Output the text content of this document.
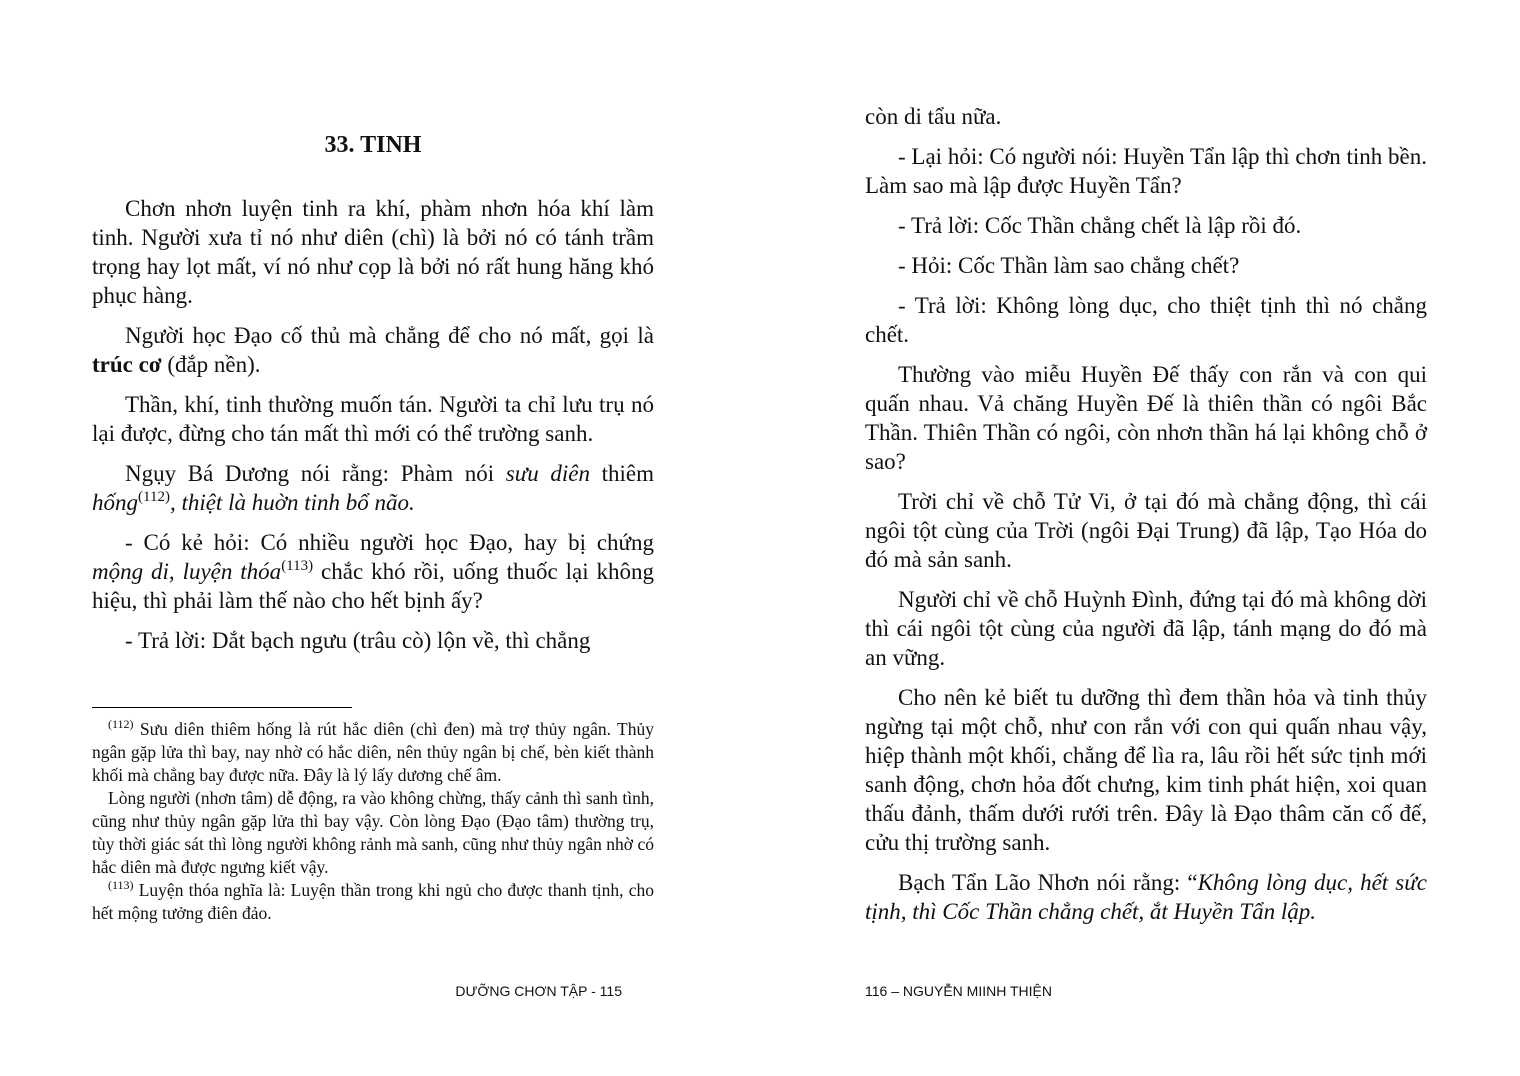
33. TINH

Chơn nhơn luyện tinh ra khí, phàm nhơn hóa khí làm tinh. Người xưa tỉ nó như diên (chì) là bởi nó có tánh trầm trọng hay lọt mất, ví nó như cọp là bởi nó rất hung hăng khó phục hàng.

Người học Đạo cố thủ mà chẳng để cho nó mất, gọi là trúc cơ (đắp nền).

Thần, khí, tinh thường muốn tán. Người ta chỉ lưu trụ nó lại được, đừng cho tán mất thì mới có thể trường sanh.

Ngụy Bá Dương nói rằng: Phàm nói sưu diên thiêm hống$^{(112)}$, thiệt là huờn tinh bổ não.

- Có kẻ hỏi: Có nhiều người học Đạo, hay bị chứng mộng di, luyện thóa$^{(113)}$ chắc khó rồi, uống thuốc lại không hiệu, thì phải làm thế nào cho hết bịnh ấy?

- Trả lời: Dắt bạch ngưu (trâu cò) lộn về, thì chẳng

$^{(112)}$ Sưu diên thiêm hống là rút hắc diên (chì đen) mà trợ thủy ngân. Thủy ngân gặp lửa thì bay, nay nhờ có hắc diên, nên thủy ngân bị chế, bèn kiết thành khối mà chẳng bay được nữa. Đây là lý lấy dương chế âm.

Lòng người (nhơn tâm) dễ động, ra vào không chừng, thấy cảnh thì sanh tình, cũng như thủy ngân gặp lửa thì bay vậy. Còn lòng Đạo (Đạo tâm) thường trụ, tùy thời giác sát thì lòng người không rảnh mà sanh, cũng như thủy ngân nhờ có hắc diên mà được ngưng kiết vậy.

$^{(113)}$ Luyện thóa nghĩa là: Luyện thần trong khi ngủ cho được thanh tịnh, cho hết mộng tưởng điên đảo.

DƯỠNG CHƠN TẬP - 115

còn di tẩu nữa.

- Lại hỏi: Có người nói: Huyền Tẩn lập thì chơn tinh bền. Làm sao mà lập được Huyền Tẩn?

- Trả lời: Cốc Thần chẳng chết là lập rồi đó.

- Hỏi: Cốc Thần làm sao chẳng chết?

- Trả lời: Không lòng dục, cho thiệt tịnh thì nó chẳng chết.

Thường vào miễu Huyền Đế thấy con rắn và con qui quấn nhau. Vả chăng Huyền Đế là thiên thần có ngôi Bắc Thần. Thiên Thần có ngôi, còn nhơn thần há lại không chỗ ở sao?

Trời chỉ về chỗ Tử Vi, ở tại đó mà chẳng động, thì cái ngôi tột cùng của Trời (ngôi Đại Trung) đã lập, Tạo Hóa do đó mà sản sanh.

Người chỉ về chỗ Huỳnh Đình, đứng tại đó mà không dời thì cái ngôi tột cùng của người đã lập, tánh mạng do đó mà an vững.

Cho nên kẻ biết tu dưỡng thì đem thần hỏa và tinh thủy ngừng tại một chỗ, như con rắn với con qui quấn nhau vậy, hiệp thành một khối, chẳng để lìa ra, lâu rồi hết sức tịnh mới sanh động, chơn hỏa đốt chưng, kim tinh phát hiện, xoi quan thấu đảnh, thấm dưới rưới trên. Đây là Đạo thâm căn cố đế, cửu thị trường sanh.

Bạch Tẩn Lão Nhơn nói rằng: “Không lòng dục, hết sức tịnh, thì Cốc Thần chẳng chết, ắt Huyền Tẩn lập.

116 – NGUYỄN MIINH THIỆN
